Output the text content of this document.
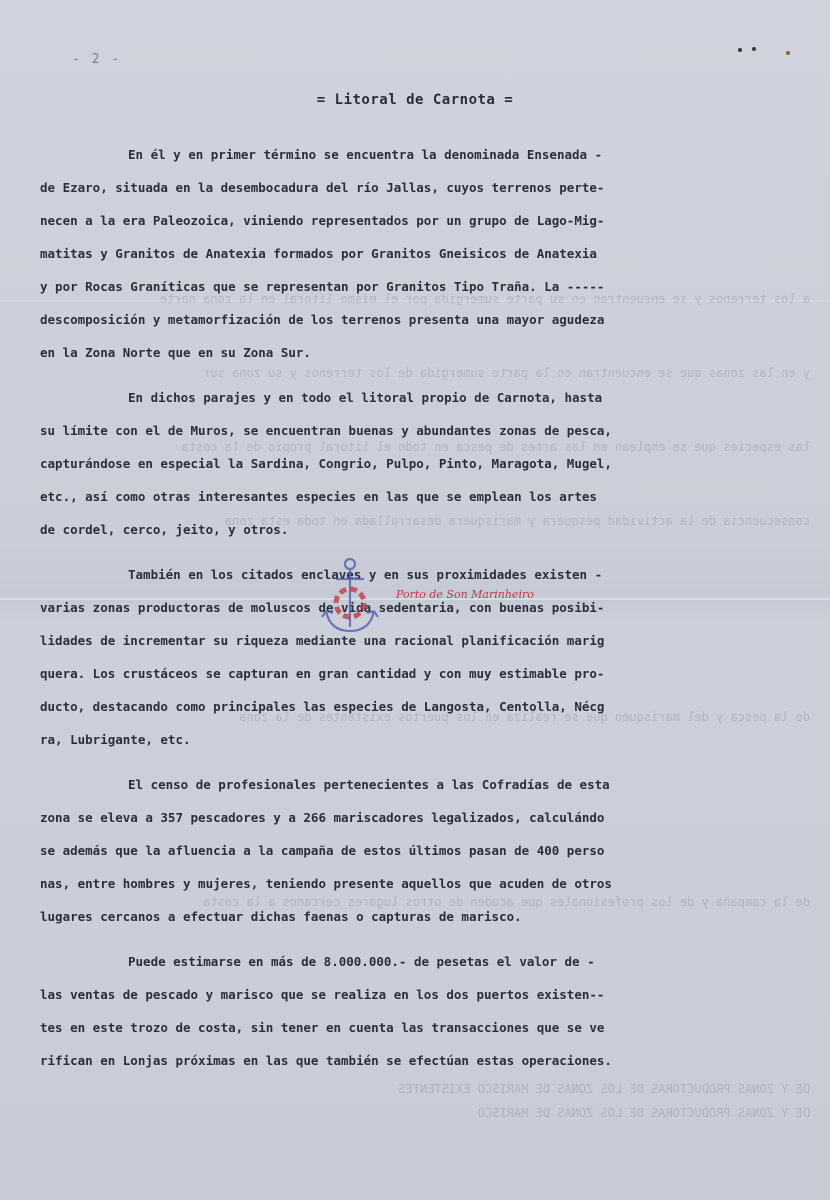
a los terrenos y se encuentran en su parte sumergida por el mismo litoral en la zona norte
y en las zonas que se encuentran en la parte sumergida de los terrenos y su zona sur
las especies que se emplean en las artes de pesca en todo el litoral propio de la costa
consecuencia de la actividad pesquera y marisquera desarrollada en toda esta zona
de la pesca y del marisqueo que se realiza en los puertos existentes de la zona
de la campaña y de los profesionales que acuden de otros lugares cercanos a la costa
DE Y ZONAS PRODUCTORAS DE LOS ZONAS DE MARISCO EXISTENTES
DE Y ZONAS PRODUCTORAS DE LOS ZONAS DE MARISCO
- 2 -
= Litoral de Carnota =
En él y en primer término se encuentra la denominada Ensenada -
de Ezaro, situada en la desembocadura del río Jallas, cuyos terrenos perte-
necen a la era Paleozoica, viniendo representados por un grupo de Lago-Mig-
matitas y Granitos de Anatexia formados por Granitos Gneisicos de Anatexia
y por Rocas Graníticas que se representan por Granitos Tipo Traña. La -----
descomposición y metamorfización de los terrenos presenta una mayor agudeza
en la Zona Norte que en su Zona Sur.
En dichos parajes y en todo el litoral propio de Carnota, hasta
su límite con el de Muros, se encuentran buenas y abundantes zonas de pesca,
capturándose en especial la Sardina, Congrio, Pulpo, Pinto, Maragota, Mugel,
etc., así como otras interesantes especies en las que se emplean los artes
de cordel, cerco, jeito, y otros.
También en los citados enclaves y en sus proximidades existen -
varias zonas productoras de moluscos de vida sedentaria, con buenas posibi-
lidades de incrementar su riqueza mediante una racional planificación marig
quera. Los crustáceos se capturan en gran cantidad y con muy estimable pro-
ducto, destacando como principales las especies de Langosta, Centolla, Nécg
ra, Lubrigante, etc.
El censo de profesionales pertenecientes a las Cofradías de esta
zona se eleva a 357 pescadores y a 266 mariscadores legalizados, calculándo
se además que la afluencia a la campaña de estos últimos pasan de 400 perso
nas, entre hombres y mujeres, teniendo presente aquellos que acuden de otros
lugares cercanos a efectuar dichas faenas o capturas de marisco.
Puede estimarse en más de 8.000.000.- de pesetas el valor de -
las ventas de pescado y marisco que se realiza en los dos puertos existen--
tes en este trozo de costa, sin tener en cuenta las transacciones que se ve
rifican en Lonjas próximas en las que también se efectúan estas operaciones.
Porto de Son Marinheiro
